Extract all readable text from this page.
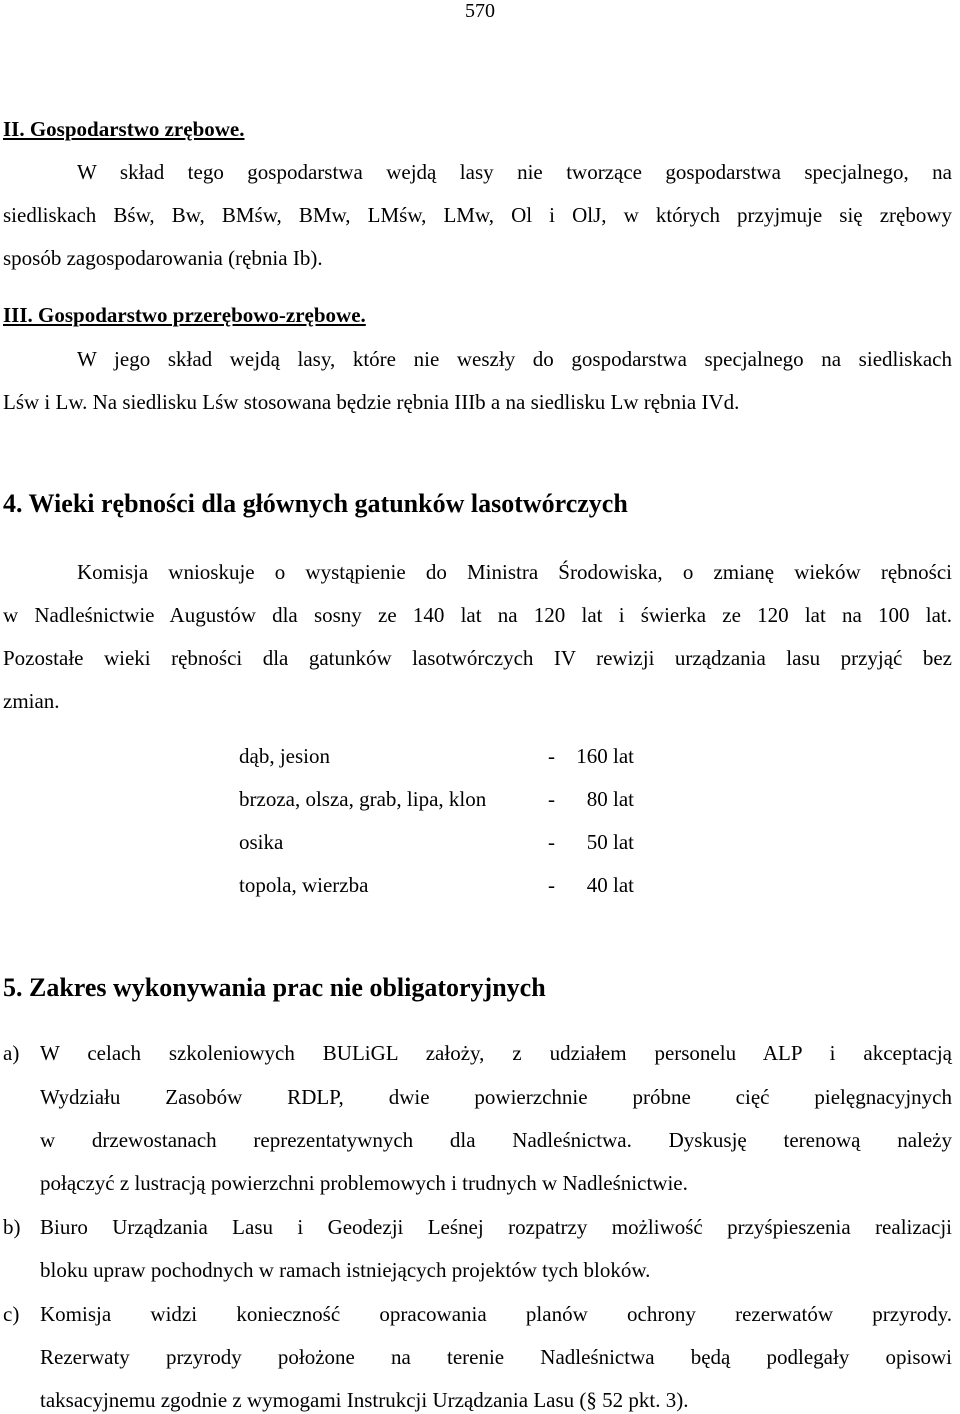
570
II. Gospodarstwo zrębowe.
W skład tego gospodarstwa wejdą lasy nie tworzące gospodarstwa specjalnego, na
siedliskach Bśw, Bw, BMśw, BMw, LMśw, LMw, Ol i OlJ, w których przyjmuje się zrębowy
sposób zagospodarowania (rębnia Ib).
III. Gospodarstwo przerębowo-zrębowe.
W jego skład wejdą lasy, które nie weszły do gospodarstwa specjalnego na siedliskach
Lśw i Lw. Na siedlisku Lśw stosowana będzie rębnia IIIb a na siedlisku Lw rębnia IVd.
4. Wieki rębności dla głównych gatunków lasotwórczych
Komisja wnioskuje o wystąpienie do Ministra Środowiska, o zmianę wieków rębności
w Nadleśnictwie Augustów dla sosny ze 140 lat na 120 lat i świerka ze 120 lat na 100 lat.
Pozostałe wieki rębności dla gatunków lasotwórczych IV rewizji urządzania lasu przyjąć bez
zmian.
dąb, jesion	-	160 lat
brzoza, olsza, grab, lipa, klon	-	80 lat
osika	-	50 lat
topola, wierzba	-	40 lat
5. Zakres wykonywania prac nie obligatoryjnych
a) W celach szkoleniowych BULiGL założy, z udziałem personelu ALP i akceptacją
Wydziału Zasobów RDLP, dwie powierzchnie próbne cięć pielęgnacyjnych
w drzewostanach reprezentatywnych dla Nadleśnictwa. Dyskusję terenową należy
połączyć z lustracją powierzchni problemowych i trudnych w Nadleśnictwie.
b) Biuro Urządzania Lasu i Geodezji Leśnej rozpatrzy możliwość przyśpieszenia realizacji
bloku upraw pochodnych w ramach istniejących projektów tych bloków.
c) Komisja widzi konieczność opracowania planów ochrony rezerwatów przyrody.
Rezerwaty przyrody położone na terenie Nadleśnictwa będą podlegały opisowi
taksacyjnemu zgodnie z wymogami Instrukcji Urządzania Lasu (§ 52 pkt. 3).
